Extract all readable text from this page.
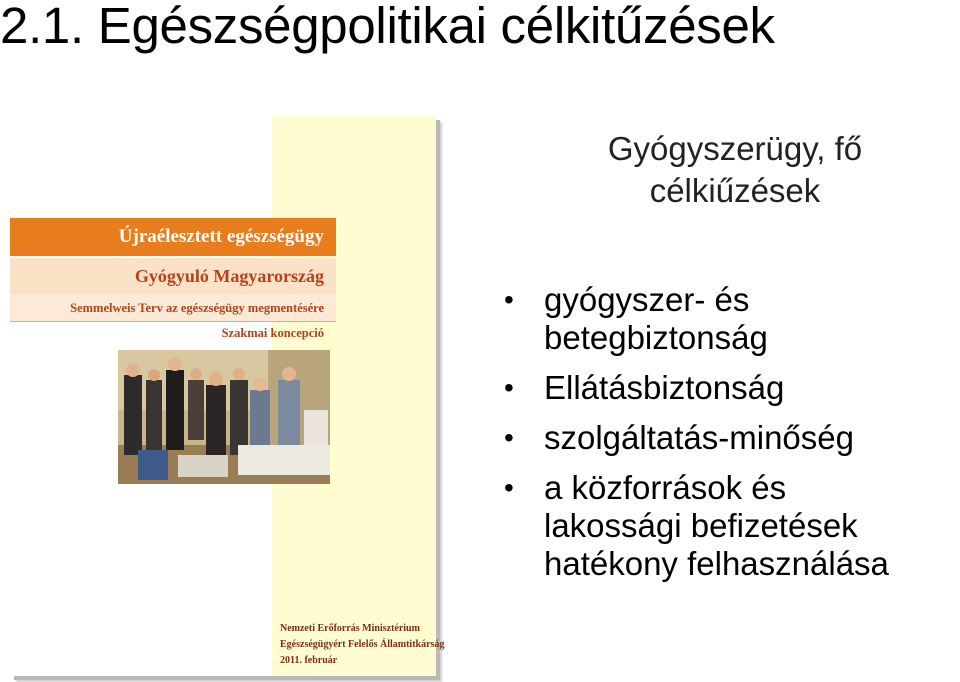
2.1. Egészségpolitikai célkitűzések
Újraélesztett egészségügy
Gyógyuló Magyarország
Semmelweis Terv az egészségügy megmentésére
Szakmai koncepció
Nemzeti Erőforrás Minisztérium
Egészségügyért Felelős Államtitkárság
2011. február
Gyógyszerügy, fő
célkiűzések
• gyógyszer- és
betegbiztonság
• Ellátásbiztonság
• szolgáltatás-minőség
• a közforrások és
lakossági befizetések
hatékony felhasználása
